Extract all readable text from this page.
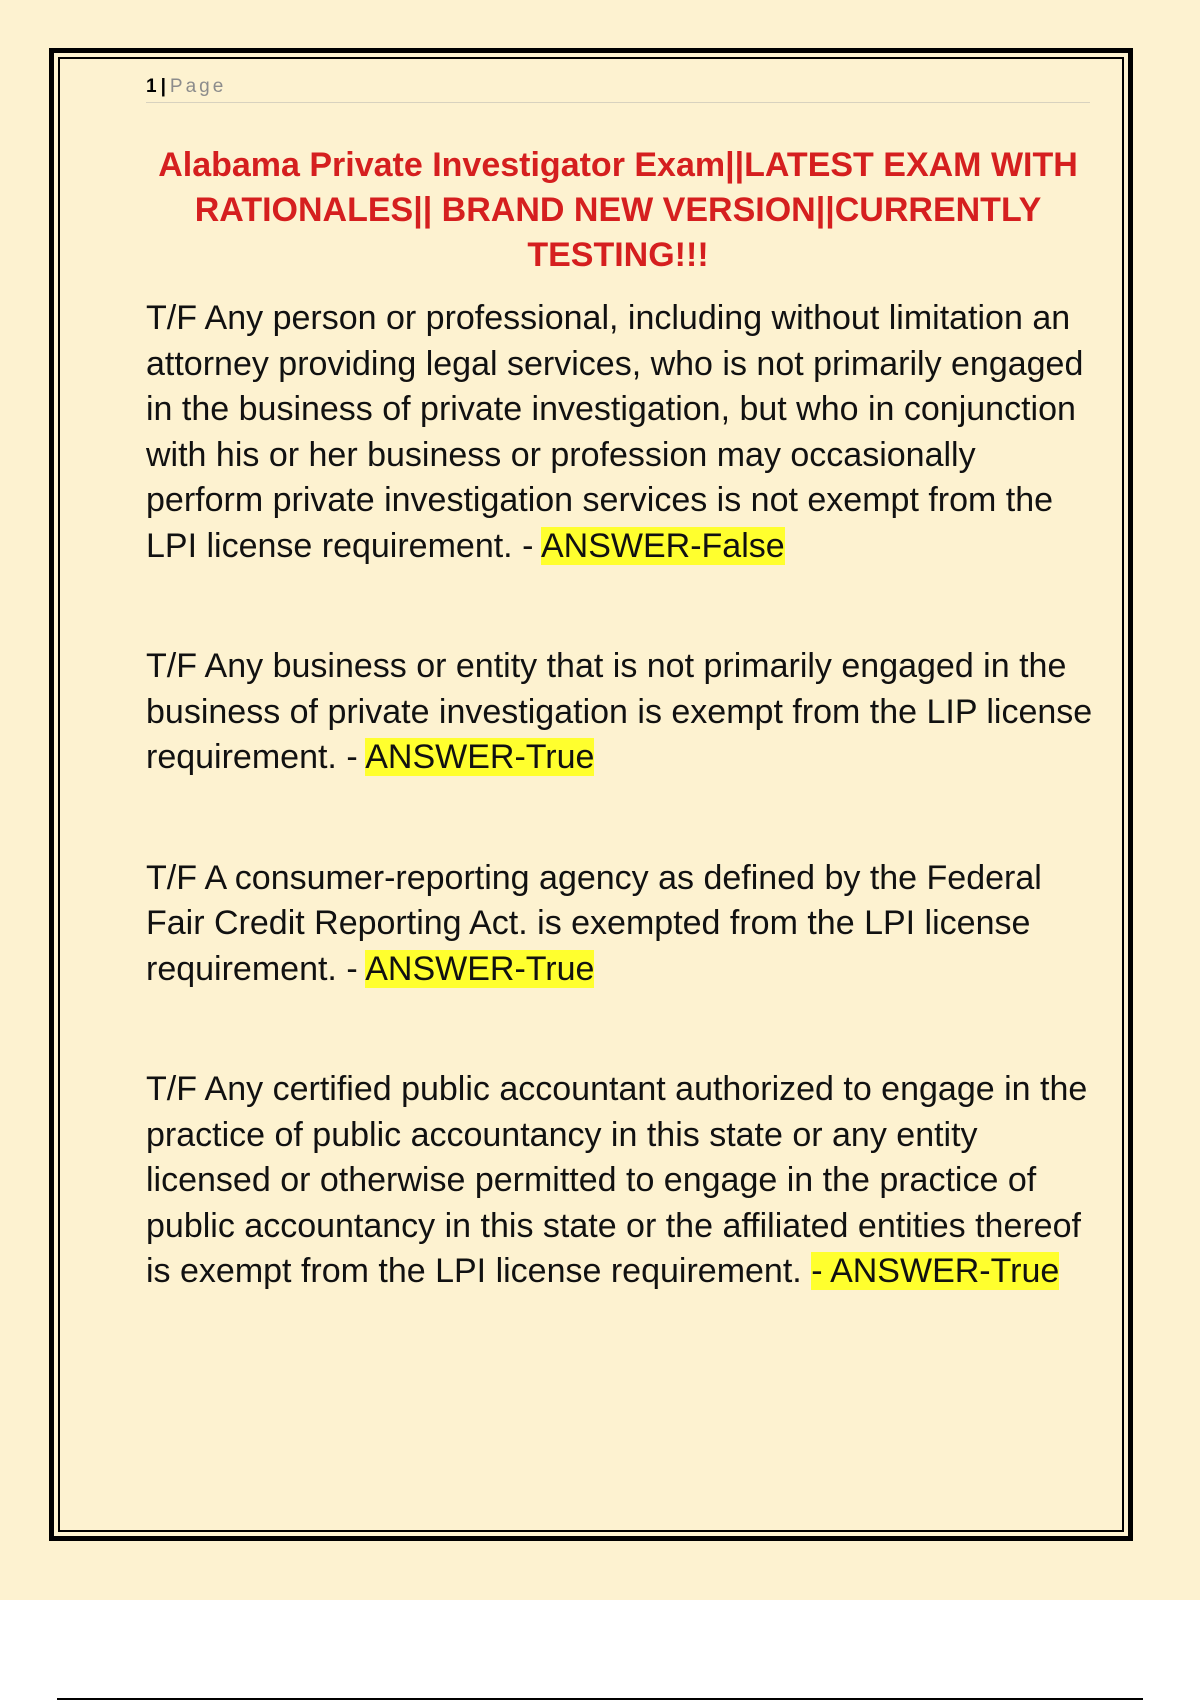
1 | Page
Alabama Private Investigator Exam||LATEST EXAM WITH RATIONALES|| BRAND NEW VERSION||CURRENTLY TESTING!!!

T/F Any person or professional, including without limitation an attorney providing legal services, who is not primarily engaged in the business of private investigation, but who in conjunction with his or her business or profession may occasionally perform private investigation services is not exempt from the LPI license requirement. - ANSWER-False

T/F Any business or entity that is not primarily engaged in the business of private investigation is exempt from the LIP license requirement. - ANSWER-True

T/F A consumer-reporting agency as defined by the Federal Fair Credit Reporting Act. is exempted from the LPI license requirement. - ANSWER-True

T/F Any certified public accountant authorized to engage in the practice of public accountancy in this state or any entity licensed or otherwise permitted to engage in the practice of public accountancy in this state or the affiliated entities thereof is exempt from the LPI license requirement. - ANSWER-True
